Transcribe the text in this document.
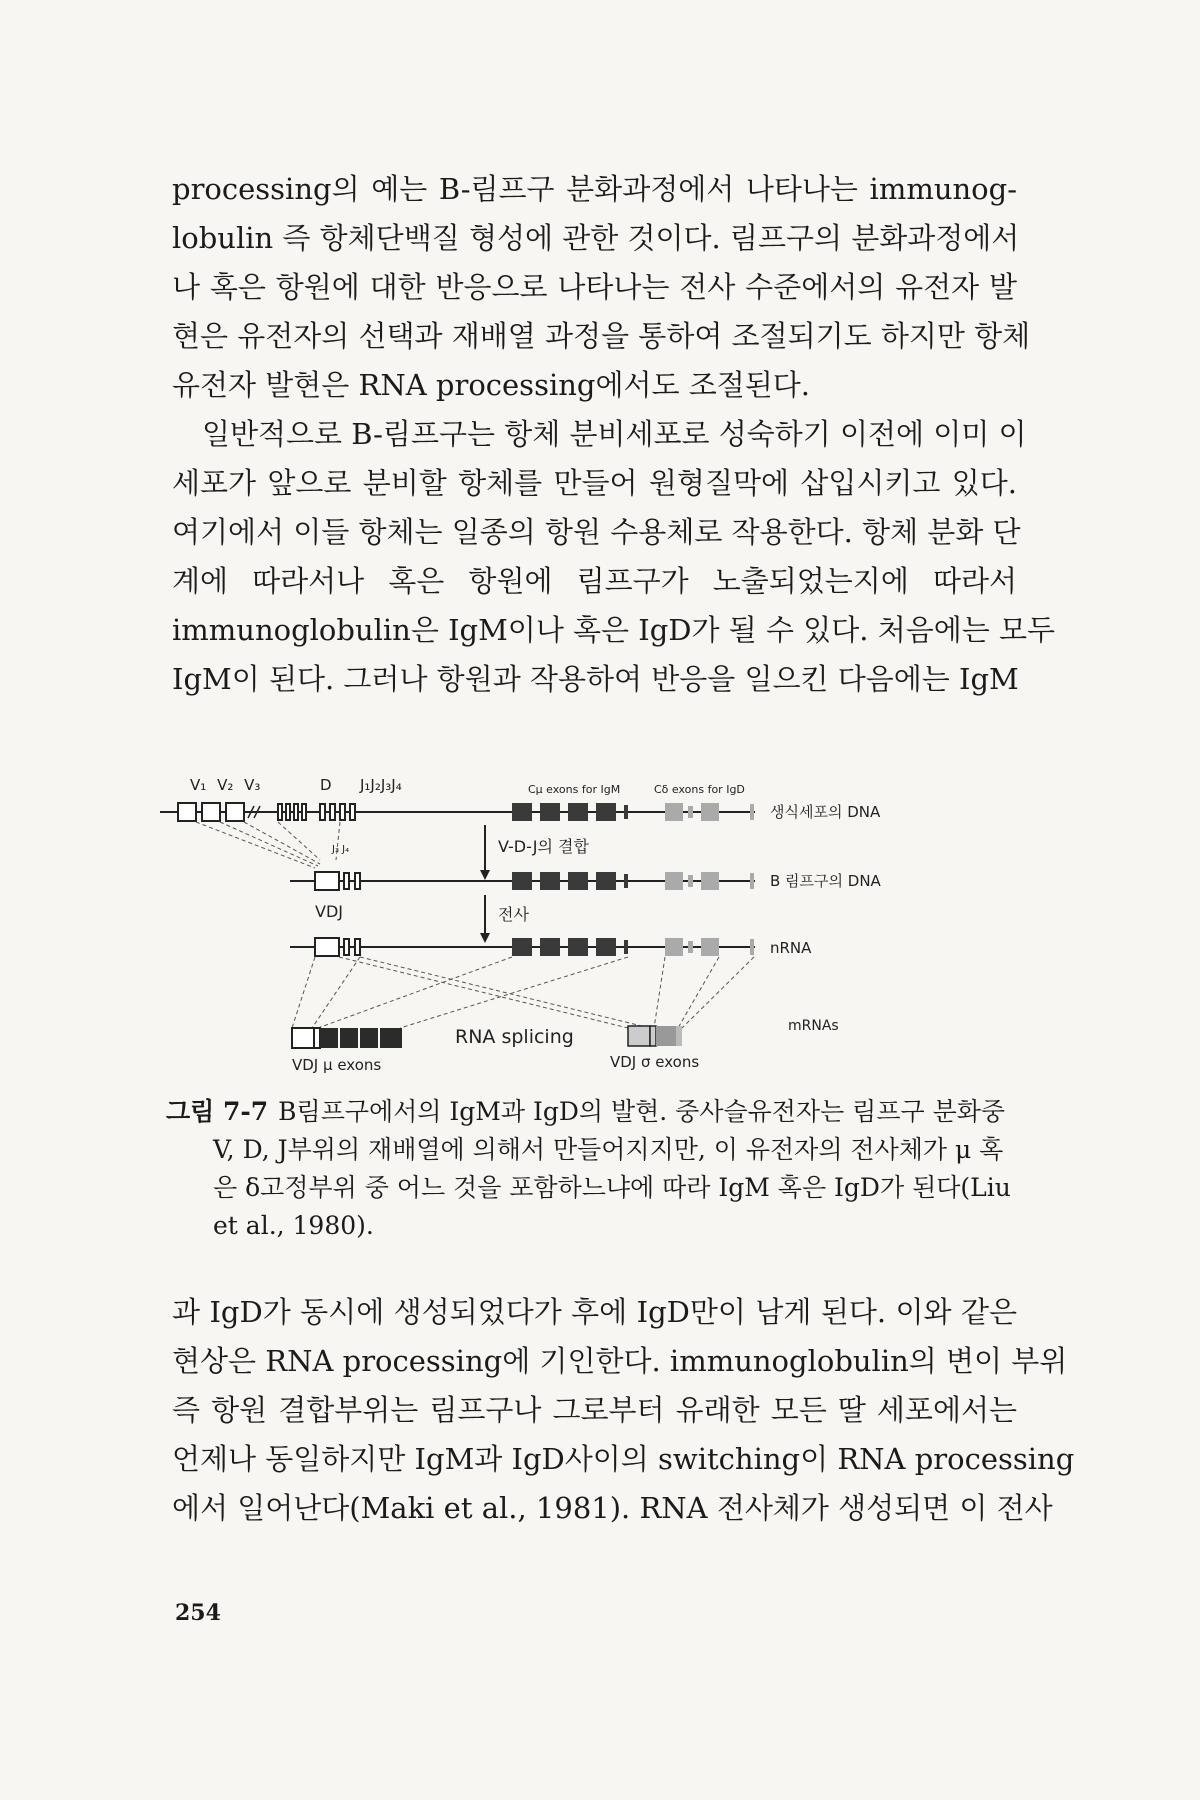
processing의 예는 B-림프구 분화과정에서 나타나는 immunog-
lobulin 즉 항체단백질 형성에 관한 것이다. 림프구의 분화과정에서
나 혹은 항원에 대한 반응으로 나타나는 전사 수준에서의 유전자 발
현은 유전자의 선택과 재배열 과정을 통하여 조절되기도 하지만 항체
유전자 발현은 RNA processing에서도 조절된다.

일반적으로 B-림프구는 항체 분비세포로 성숙하기 이전에 이미 이
세포가 앞으로 분비할 항체를 만들어 원형질막에 삽입시키고 있다.
여기에서 이들 항체는 일종의 항원 수용체로 작용한다. 항체 분화 단
계에 따라서나 혹은 항원에 림프구가 노출되었는지에 따라서
immunoglobulin은 IgM이나 혹은 IgD가 될 수 있다. 처음에는 모두
IgM이 된다. 그러나 항원과 작용하여 반응을 일으킨 다음에는 IgM

V₁ V₂ V₃	D J₁J₂J₃J₄	Cμ exons for IgM	Cδ exons for IgD
생식세포의 DNA
J₃ J₄	V-D-J의 결합
B 림프구의 DNA
VDJ	전사
nRNA
VDJ μ exons
RNA splicing
VDJ σ exons
mRNAs
그림 7-7 B림프구에서의 IgM과 IgD의 발현. 중사슬유전자는 림프구 분화중
V, D, J부위의 재배열에 의해서 만들어지지만, 이 유전자의 전사체가 μ 혹
은 δ고정부위 중 어느 것을 포함하느냐에 따라 IgM 혹은 IgD가 된다(Liu
et al., 1980).

과 IgD가 동시에 생성되었다가 후에 IgD만이 남게 된다. 이와 같은
현상은 RNA processing에 기인한다. immunoglobulin의 변이 부위
즉 항원 결합부위는 림프구나 그로부터 유래한 모든 딸 세포에서는
언제나 동일하지만 IgM과 IgD사이의 switching이 RNA processing
에서 일어난다(Maki et al., 1981). RNA 전사체가 생성되면 이 전사

254
